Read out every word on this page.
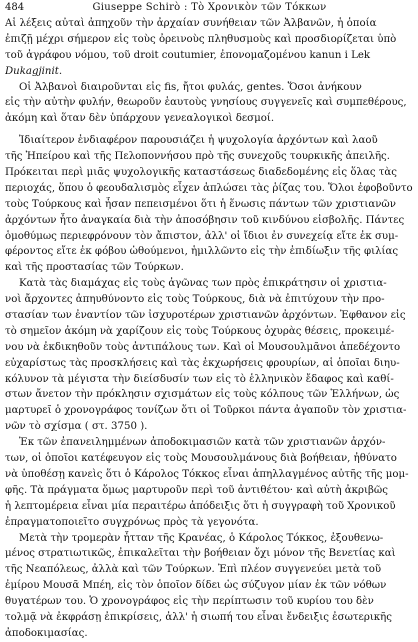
484	Giuseppe Schirò : Τὸ Χρονικὸν τῶν Τόκκων
Αἱ λέξεις αὐταὶ ἀπηχοῦν τὴν ἀρχαίαν συνήθειαν τῶν Ἀλβανῶν, ἡ ὁποία
ἐπιζῇ μέχρι σήμερον εἰς τοὺς ὀρεινοὺς πληθυσμοὺς καὶ προσδιορίζεται ὑπὸ
τοῦ ἀγράφου νόμου, τοῦ droit coutumier, ἐπονομαζομένου kanun i Lek
Dukagjinit.
Οἱ Ἀλβανοὶ διαιροῦνται εἰς fis, ἤτοι φυλάς, gentes. Ὅσοι ἀνήκουν
εἰς τὴν αὐτὴν φυλήν, θεωροῦν ἑαυτοὺς γνησίους συγγενεῖς καὶ συμπεθέρους,
ἀκόμη καὶ ὅταν δὲν ὑπάρχουν γενεαλογικοὶ δεσμοί.
Ἰδιαίτερον ἐνδιαφέρον παρουσιάζει ἡ ψυχολογία ἀρχόντων καὶ λαοῦ
τῆς Ἠπείρου καὶ τῆς Πελοποννήσου πρὸ τῆς συνεχοῦς τουρκικῆς ἀπειλῆς.
Πρόκειται περὶ μιᾶς ψυχολογικῆς καταστάσεως διαδεδομένης εἰς ὅλας τὰς
περιοχάς, ὅπου ὁ φεουδαλισμὸς εἶχεν ἁπλώσει τὰς ῥίζας του. Ὅλοι ἐφοβοῦντο
τοὺς Τούρκους καὶ ἦσαν πεπεισμένοι ὅτι ἡ ἕνωσις πάντων τῶν χριστιανῶν
ἀρχόντων ἦτο ἀναγκαία διὰ τὴν ἀποσόβησιν τοῦ κινδύνου εἰσβολῆς. Πάντες
ὁμοθύμως περιεφρόνουν τὸν ἄπιστον, ἀλλ' οἱ ἴδιοι ἐν συνεχείᾳ εἴτε ἐκ συμ-
φέροντος εἴτε ἐκ φόβου ὡθούμενοι, ἡμιλλῶντο εἰς τὴν ἐπιδίωξιν τῆς φιλίας
καὶ τῆς προστασίας τῶν Τούρκων.
Κατὰ τὰς διαμάχας εἰς τοὺς ἀγῶνας των πρὸς ἐπικράτησιν οἱ χριστια-
νοὶ ἄρχοντες ἀπηυθύνοντο εἰς τοὺς Τούρκους, διὰ νὰ ἐπιτύχουν τὴν προ-
στασίαν των ἐναντίον τῶν ἰσχυροτέρων χριστιανῶν ἀρχόντων. Ἐφθανον εἰς
τὸ σημεῖον ἀκόμη νὰ χαρίζουν εἰς τοὺς Τούρκους ὀχυρὰς θέσεις, προκειμέ-
νου νὰ ἐκδικηθοῦν τοὺς ἀντιπάλους των. Καὶ οἱ Μουσουλμᾶνοι ἀπεδέχοντο
εὐχαρίστως τὰς προσκλήσεις καὶ τὰς ἐκχωρήσεις φρουρίων, αἱ ὁποῖαι διηυ-
κόλυνον τὰ μέγιστα τὴν διείσδυσίν των εἰς τὸ ἑλληνικὸν ἔδαφος καὶ καθί-
στων ἄνετον τὴν πρόκλησιν σχισμάτων εἰς τοὺς κόλπους τῶν Ἑλλήνων, ὡς
μαρτυρεῖ ὁ χρονογράφος τονίζων ὅτι οἱ Τοῦρκοι πάντα ἀγαποῦν τὸν χριστια-
νῶν τὸ σχίσμα ( στ. 3750 ).
Ἐκ τῶν ἐπανειλημμένων ἀποδοκιμασιῶν κατὰ τῶν χριστιανῶν ἀρχόν-
των, οἱ ὁποῖοι κατέφευγον εἰς τοὺς Μουσουλμάνους διὰ βοήθειαν, ἠθύνατο
νὰ ὑποθέσῃ κανεὶς ὅτι ὁ Κάρολος Τόκκος εἶναι ἀπηλλαγμένος αὐτῆς τῆς μομ-
φῆς. Τὰ πράγματα ὅμως μαρτυροῦν περὶ τοῦ ἀντιθέτου· καὶ αὐτὴ ἀκριβῶς
ἡ λεπτομέρεια εἶναι μία περαιτέρω ἀπόδειξις ὅτι ἡ συγγραφὴ τοῦ Χρονικοῦ
ἐπραγματοποιεῖτο συγχρόνως πρὸς τὰ γεγονότα.
Μετὰ τὴν τρομερὰν ἧτταν τῆς Κρανέας, ὁ Κάρολος Τόκκος, ἐξουθενω-
μένος στρατιωτικῶς, ἐπικαλεῖται τὴν βοήθειαν ὄχι μόνον τῆς Βενετίας καὶ
τῆς Νεαπόλεως, ἀλλὰ καὶ τῶν Τούρκων. Ἐπὶ πλέον συγγενεύει μετὰ τοῦ
ἐμίρου Μουσᾶ Μπέη, εἰς τὸν ὁποῖον δίδει ὡς σύζυγον μίαν ἐκ τῶν νόθων
θυγατέρων του. Ὁ χρονογράφος εἰς τὴν περίπτωσιν τοῦ κυρίου του δὲν
τολμᾷ νὰ ἐκφράσῃ ἐπικρίσεις, ἀλλ' ἡ σιωπή του εἶναι ἔνδειξις ἐσωτερικῆς
ἀποδοκιμασίας.
